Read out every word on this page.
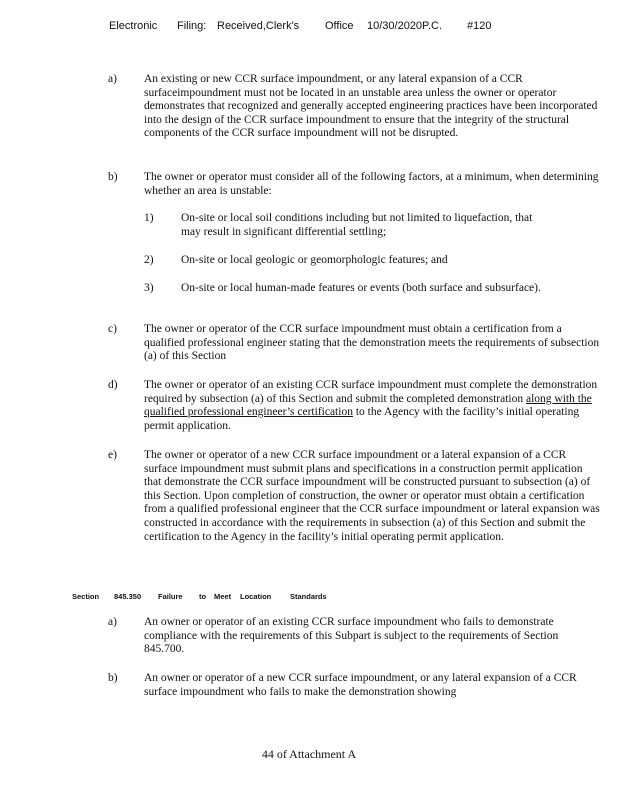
Electronic Filing: Received,Clerk's Office 10/30/2020P.C. #120
a) An existing or new CCR surface impoundment, or any lateral expansion of a CCR surfaceimpoundment must not be located in an unstable area unless the owner or operator demonstrates that recognized and generally accepted engineering practices have been incorporated into the design of the CCR surface impoundment to ensure that the integrity of the structural components of the CCR surface impoundment will not be disrupted.
b) The owner or operator must consider all of the following factors, at a minimum, when determining whether an area is unstable:
1) On-site or local soil conditions including but not limited to liquefaction, that may result in significant differential settling;
2) On-site or local geologic or geomorphologic features; and
3) On-site or local human-made features or events (both surface and subsurface).
c) The owner or operator of the CCR surface impoundment must obtain a certification from a qualified professional engineer stating that the demonstration meets the requirements of subsection (a) of this Section
d) The owner or operator of an existing CCR surface impoundment must complete the demonstration required by subsection (a) of this Section and submit the completed demonstration along with the qualified professional engineer’s certification to the Agency with the facility’s initial operating permit application.
e) The owner or operator of a new CCR surface impoundment or a lateral expansion of a CCR surface impoundment must submit plans and specifications in a construction permit application that demonstrate the CCR surface impoundment will be constructed pursuant to subsection (a) of this Section. Upon completion of construction, the owner or operator must obtain a certification from a qualified professional engineer that the CCR surface impoundment or lateral expansion was constructed in accordance with the requirements in subsection (a) of this Section and submit the certification to the Agency in the facility’s initial operating permit application.
Section 845.350 Failure to Meet Location	Standards
a) An owner or operator of an existing CCR surface impoundment who fails to demonstrate compliance with the requirements of this Subpart is subject to the requirements of Section 845.700.
b) An owner or operator of a new CCR surface impoundment, or any lateral expansion of a CCR surface impoundment who fails to make the demonstration showing
44 of Attachment A
